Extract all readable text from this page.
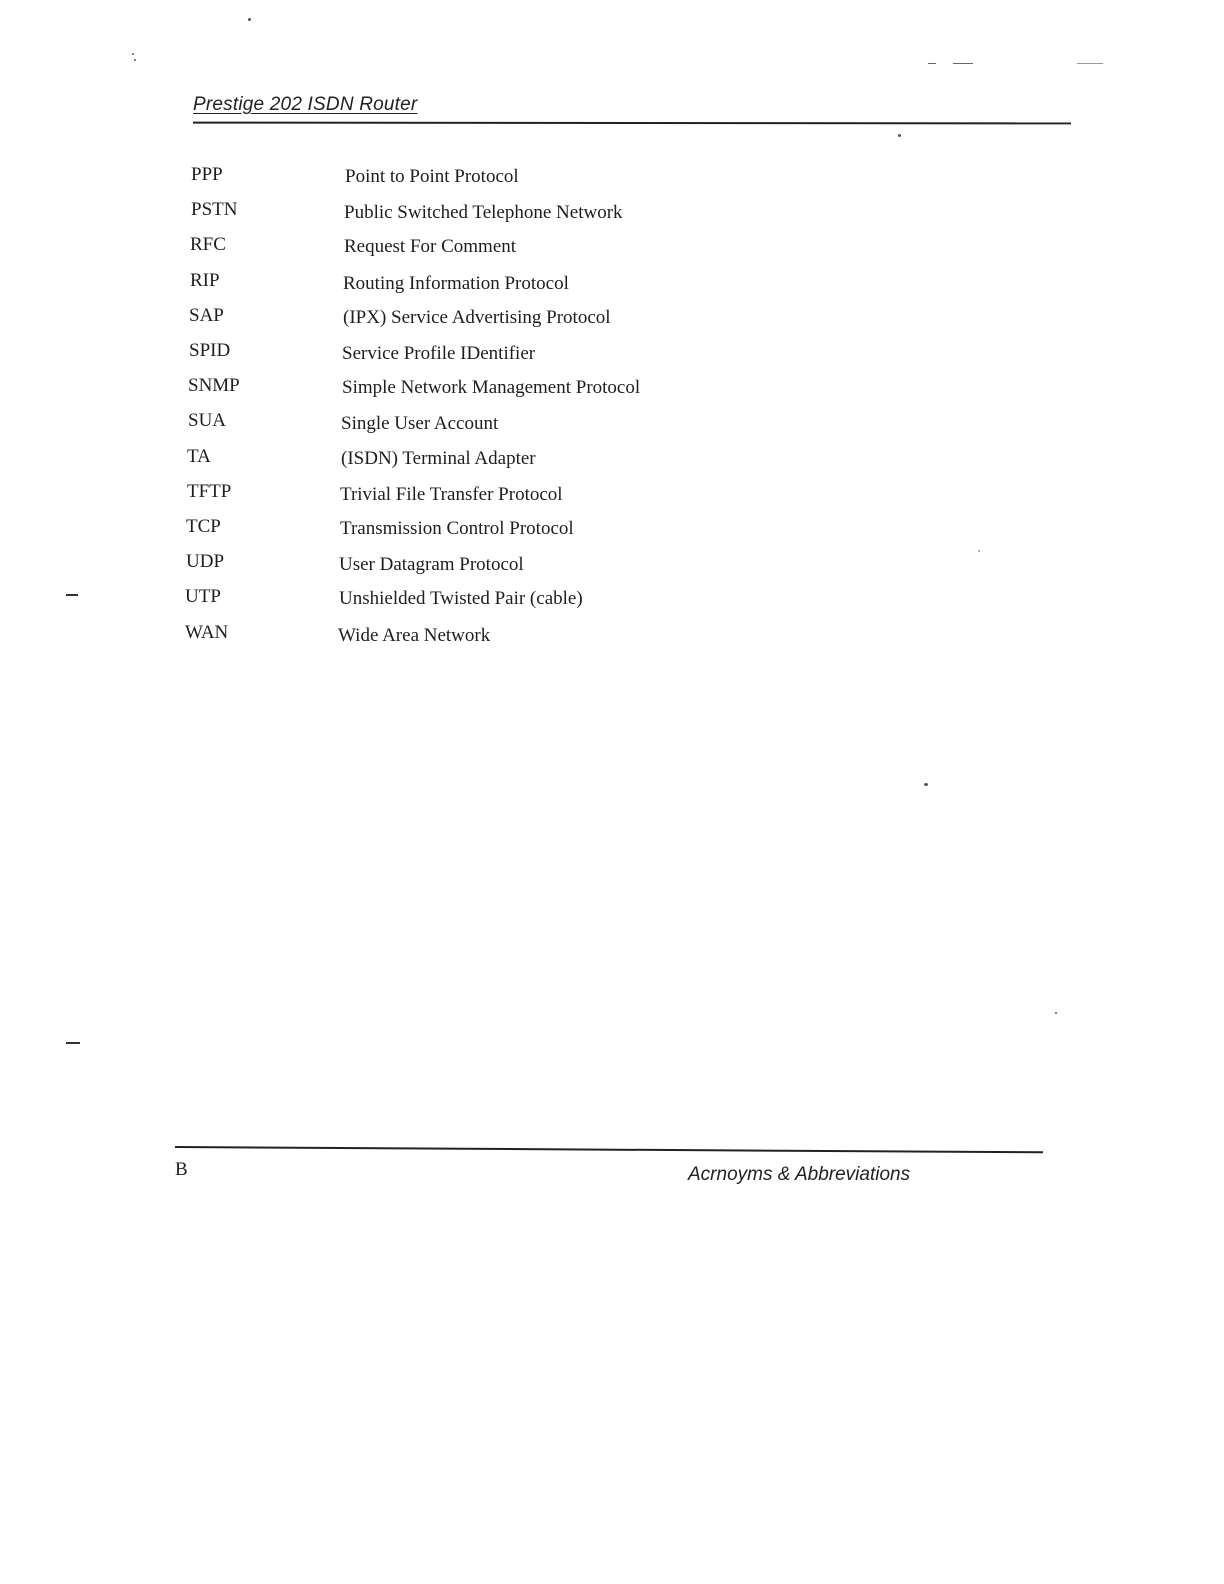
Prestige 202 ISDN Router
PPP	Point to Point Protocol
PSTN	Public Switched Telephone Network
RFC	Request For Comment
RIP	Routing Information Protocol
SAP	(IPX) Service Advertising Protocol
SPID	Service Profile IDentifier
SNMP	Simple Network Management Protocol
SUA	Single User Account
TA	(ISDN) Terminal Adapter
TFTP	Trivial File Transfer Protocol
TCP	Transmission Control Protocol
UDP	User Datagram Protocol
UTP	Unshielded Twisted Pair (cable)
WAN	Wide Area Network
B	Acrnoyms & Abbreviations
